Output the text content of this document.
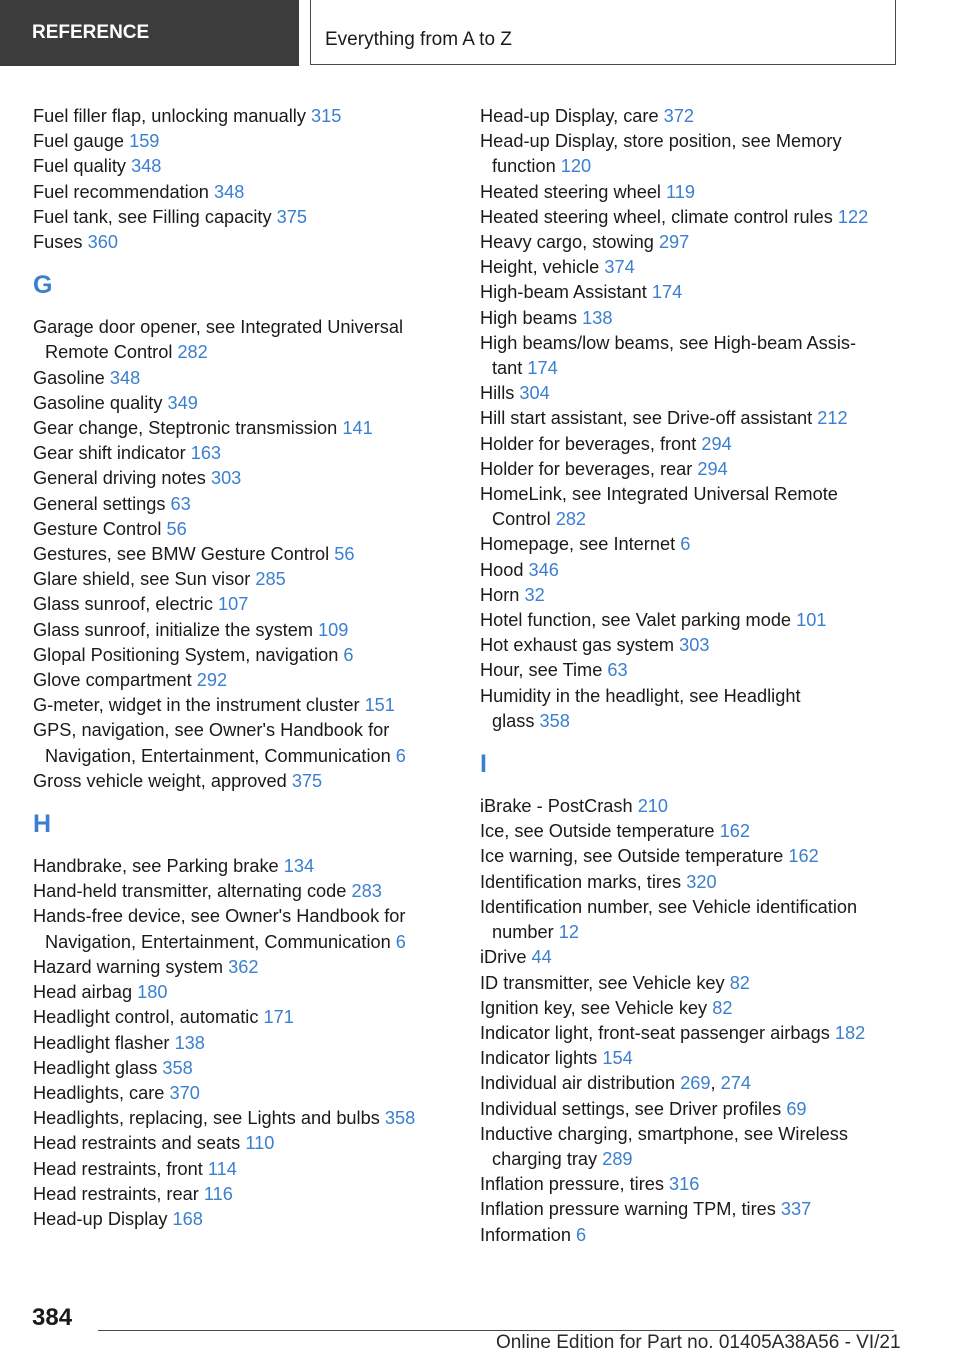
REFERENCE	Everything from A to Z
Fuel filler flap, unlocking manually 315
Fuel gauge 159
Fuel quality 348
Fuel recommendation 348
Fuel tank, see Filling capacity 375
Fuses 360
G
Garage door opener, see Integrated Universal
Remote Control 282
Gasoline 348
Gasoline quality 349
Gear change, Steptronic transmission 141
Gear shift indicator 163
General driving notes 303
General settings 63
Gesture Control 56
Gestures, see BMW Gesture Control 56
Glare shield, see Sun visor 285
Glass sunroof, electric 107
Glass sunroof, initialize the system 109
Glopal Positioning System, navigation 6
Glove compartment 292
G-meter, widget in the instrument cluster 151
GPS, navigation, see Owner's Handbook for
Navigation, Entertainment, Communication 6
Gross vehicle weight, approved 375
H
Handbrake, see Parking brake 134
Hand-held transmitter, alternating code 283
Hands-free device, see Owner's Handbook for
Navigation, Entertainment, Communication 6
Hazard warning system 362
Head airbag 180
Headlight control, automatic 171
Headlight flasher 138
Headlight glass 358
Headlights, care 370
Headlights, replacing, see Lights and bulbs 358
Head restraints and seats 110
Head restraints, front 114
Head restraints, rear 116
Head-up Display 168
Head-up Display, care 372
Head-up Display, store position, see Memory
function 120
Heated steering wheel 119
Heated steering wheel, climate control rules 122
Heavy cargo, stowing 297
Height, vehicle 374
High-beam Assistant 174
High beams 138
High beams/low beams, see High-beam Assis‐
tant 174
Hills 304
Hill start assistant, see Drive-off assistant 212
Holder for beverages, front 294
Holder for beverages, rear 294
HomeLink, see Integrated Universal Remote
Control 282
Homepage, see Internet 6
Hood 346
Horn 32
Hotel function, see Valet parking mode 101
Hot exhaust gas system 303
Hour, see Time 63
Humidity in the headlight, see Headlight
glass 358
I
iBrake - PostCrash 210
Ice, see Outside temperature 162
Ice warning, see Outside temperature 162
Identification marks, tires 320
Identification number, see Vehicle identification
number 12
iDrive 44
ID transmitter, see Vehicle key 82
Ignition key, see Vehicle key 82
Indicator light, front-seat passenger airbags 182
Indicator lights 154
Individual air distribution 269, 274
Individual settings, see Driver profiles 69
Inductive charging, smartphone, see Wireless
charging tray 289
Inflation pressure, tires 316
Inflation pressure warning TPM, tires 337
Information 6
384
Online Edition for Part no. 01405A38A56 - VI/21
